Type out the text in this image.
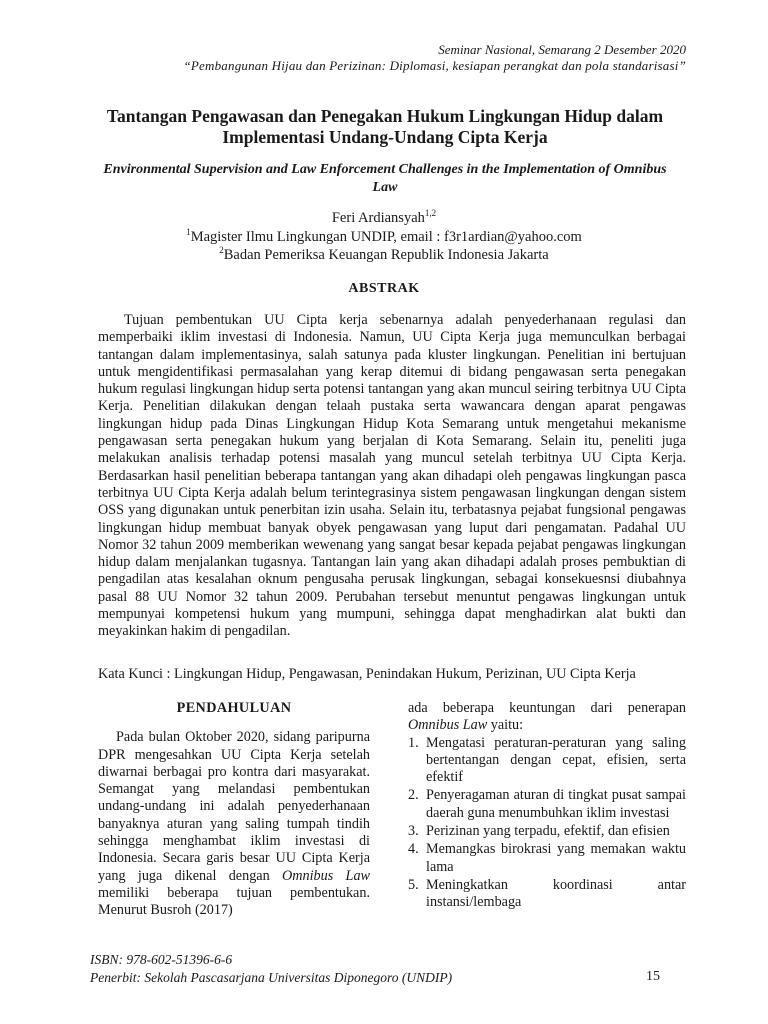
Seminar Nasional, Semarang 2 Desember 2020
“Pembangunan Hijau dan Perizinan: Diplomasi, kesiapan perangkat dan pola standarisasi”
Tantangan Pengawasan dan Penegakan Hukum Lingkungan Hidup dalam Implementasi Undang-Undang Cipta Kerja
Environmental Supervision and Law Enforcement Challenges in the Implementation of Omnibus Law
Feri Ardiansyah$^{1,2}$
$^1$Magister Ilmu Lingkungan UNDIP, email : f3r1ardian@yahoo.com
$^2$Badan Pemeriksa Keuangan Republik Indonesia Jakarta
ABSTRAK

Tujuan pembentukan UU Cipta kerja sebenarnya adalah penyederhanaan regulasi dan memperbaiki iklim investasi di Indonesia. Namun, UU Cipta Kerja juga memunculkan berbagai tantangan dalam implementasinya, salah satunya pada kluster lingkungan. Penelitian ini bertujuan untuk mengidentifikasi permasalahan yang kerap ditemui di bidang pengawasan serta penegakan hukum regulasi lingkungan hidup serta potensi tantangan yang akan muncul seiring terbitnya UU Cipta Kerja. Penelitian dilakukan dengan telaah pustaka serta wawancara dengan aparat pengawas lingkungan hidup pada Dinas Lingkungan Hidup Kota Semarang untuk mengetahui mekanisme pengawasan serta penegakan hukum yang berjalan di Kota Semarang. Selain itu, peneliti juga melakukan analisis terhadap potensi masalah yang muncul setelah terbitnya UU Cipta Kerja. Berdasarkan hasil penelitian beberapa tantangan yang akan dihadapi oleh pengawas lingkungan pasca terbitnya UU Cipta Kerja adalah belum terintegrasinya sistem pengawasan lingkungan dengan sistem OSS yang digunakan untuk penerbitan izin usaha. Selain itu, terbatasnya pejabat fungsional pengawas lingkungan hidup membuat banyak obyek pengawasan yang luput dari pengamatan. Padahal UU Nomor 32 tahun 2009 memberikan wewenang yang sangat besar kepada pejabat pengawas lingkungan hidup dalam menjalankan tugasnya. Tantangan lain yang akan dihadapi adalah proses pembuktian di pengadilan atas kesalahan oknum pengusaha perusak lingkungan, sebagai konsekuesnsi diubahnya pasal 88 UU Nomor 32 tahun 2009. Perubahan tersebut menuntut pengawas lingkungan untuk mempunyai kompetensi hukum yang mumpuni, sehingga dapat menghadirkan alat bukti dan meyakinkan hakim di pengadilan.

Kata Kunci : Lingkungan Hidup, Pengawasan, Penindakan Hukum, Perizinan, UU Cipta Kerja
PENDAHULUAN

Pada bulan Oktober 2020, sidang paripurna DPR mengesahkan UU Cipta Kerja setelah diwarnai berbagai pro kontra dari masyarakat. Semangat yang melandasi pembentukan undang-undang ini adalah penyederhanaan banyaknya aturan yang saling tumpah tindih sehingga menghambat iklim investasi di Indonesia. Secara garis besar UU Cipta Kerja yang juga dikenal dengan Omnibus Law memiliki beberapa tujuan pembentukan. Menurut Busroh (2017)

ada beberapa keuntungan dari penerapan Omnibus Law yaitu:

1. Mengatasi peraturan-peraturan yang saling bertentangan dengan cepat, efisien, serta efektif
2. Penyeragaman aturan di tingkat pusat sampai daerah guna menumbuhkan iklim investasi
3. Perizinan yang terpadu, efektif, dan efisien
4. Memangkas birokrasi yang memakan waktu lama
5. Meningkatkan koordinasi antar instansi/lembaga
ISBN: 978-602-51396-6-6
Penerbit: Sekolah Pascasarjana Universitas Diponegoro (UNDIP)	15
